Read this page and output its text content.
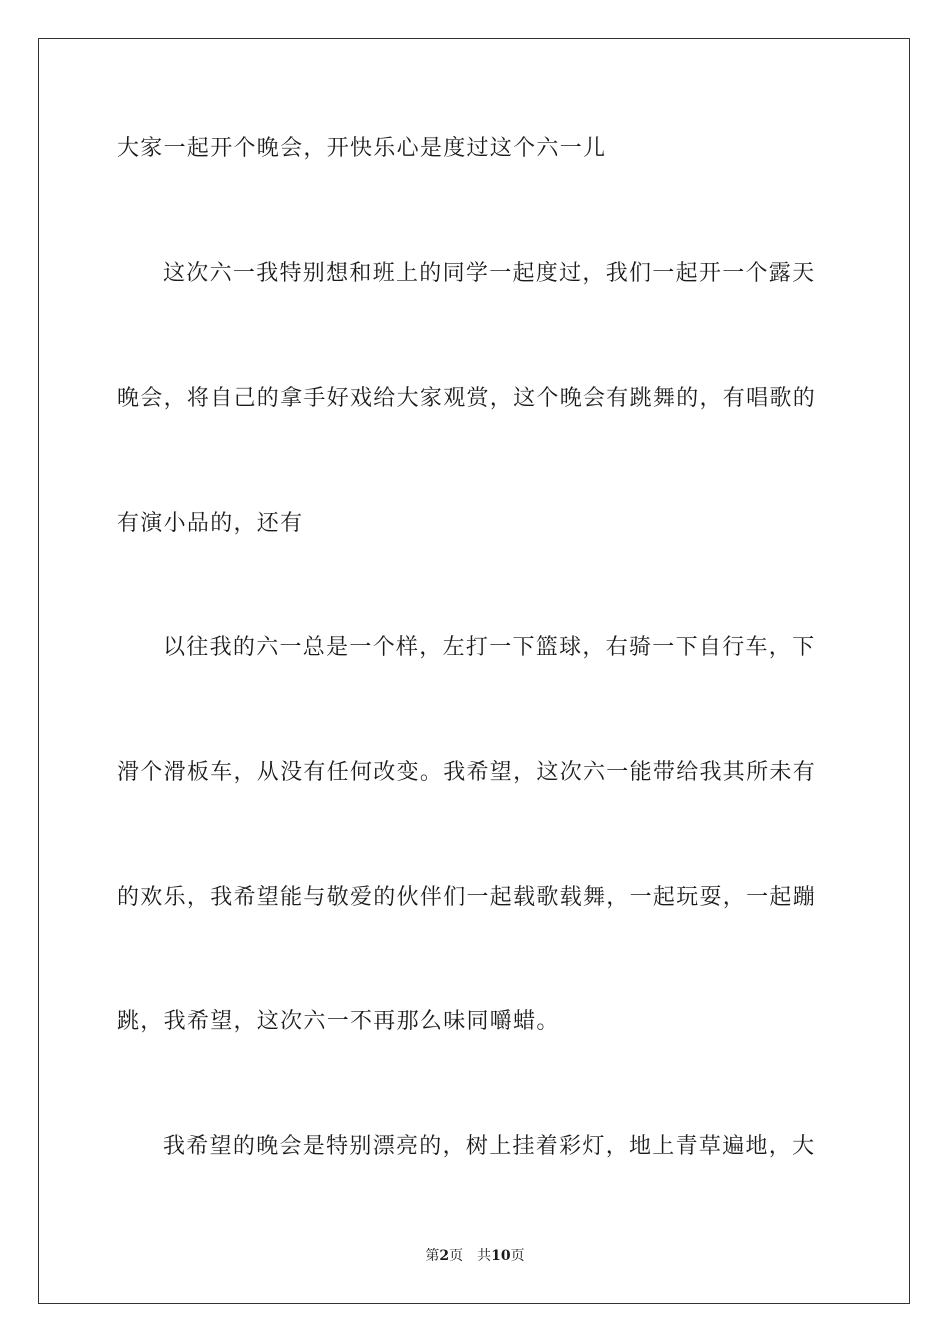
大家一起开个晚会，开快乐心是度过这个六一儿
这次六一我特别想和班上的同学一起度过，我们一起开一个露天
晚会，将自己的拿手好戏给大家观赏，这个晚会有跳舞的，有唱歌的
有演小品的，还有
以往我的六一总是一个样，左打一下篮球，右骑一下自行车，下
滑个滑板车，从没有任何改变。我希望，这次六一能带给我其所未有
的欢乐，我希望能与敬爱的伙伴们一起载歌载舞，一起玩耍，一起蹦
跳，我希望，这次六一不再那么味同嚼蜡。
我希望的晚会是特别漂亮的，树上挂着彩灯，地上青草遍地，大
第2页 共10页
